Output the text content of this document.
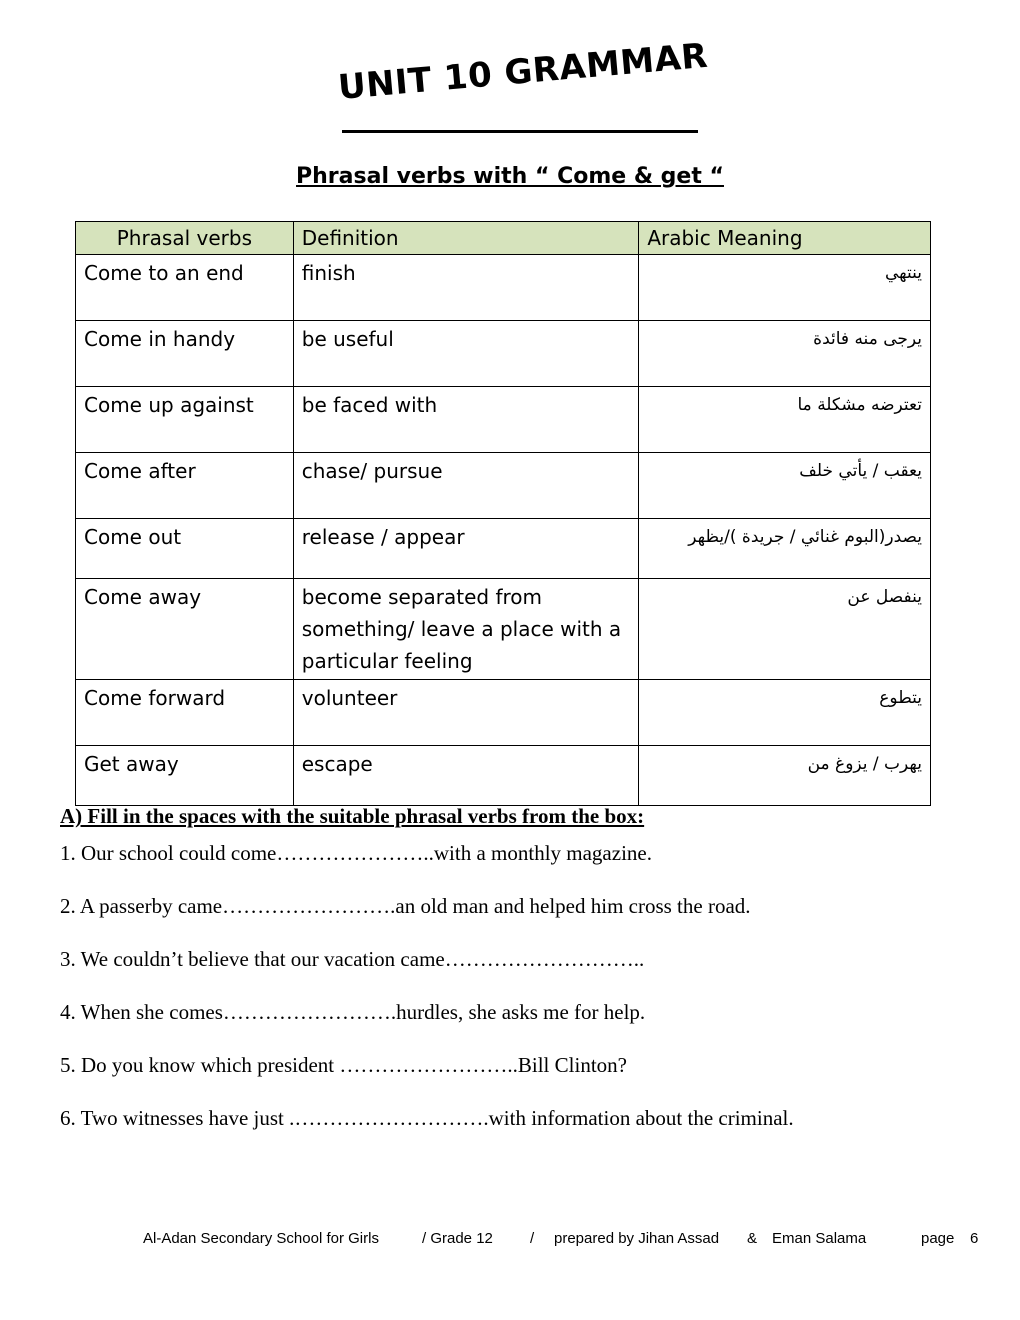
UNIT 10 GRAMMAR
Phrasal verbs with “ Come & get “
Phrasal verbs	Definition	Arabic Meaning
Come to an end	finish	ينتهي
Come in handy	be useful	يرجى منه فائدة
Come up against	be faced with	تعترضه مشكلة ما
Come after	chase/ pursue	يعقب / يأتي خلف
Come out	release / appear	يصدر(البوم غنائي / جريدة )/يظهر
Come away	become separated from something/ leave a place with a particular feeling	ينفصل عن
Come forward	volunteer	يتطوع
Get away	escape	يهرب / يزوغ من

A) Fill in the spaces with the suitable phrasal verbs from the box:

1. Our school could come…………………..with a monthly magazine.

2. A passerby came…………………….an old man and helped him cross the road.

3. We couldn’t believe that our vacation came………………………..

4. When she comes…………………….hurdles, she asks me for help.

5. Do you know which president ……………………..Bill Clinton?

6. Two witnesses have just .……………………….with information about the criminal.

Al-Adan Secondary School for Girls	/ Grade 12 / prepared by Jihan Assad & Eman Salama	page 6
